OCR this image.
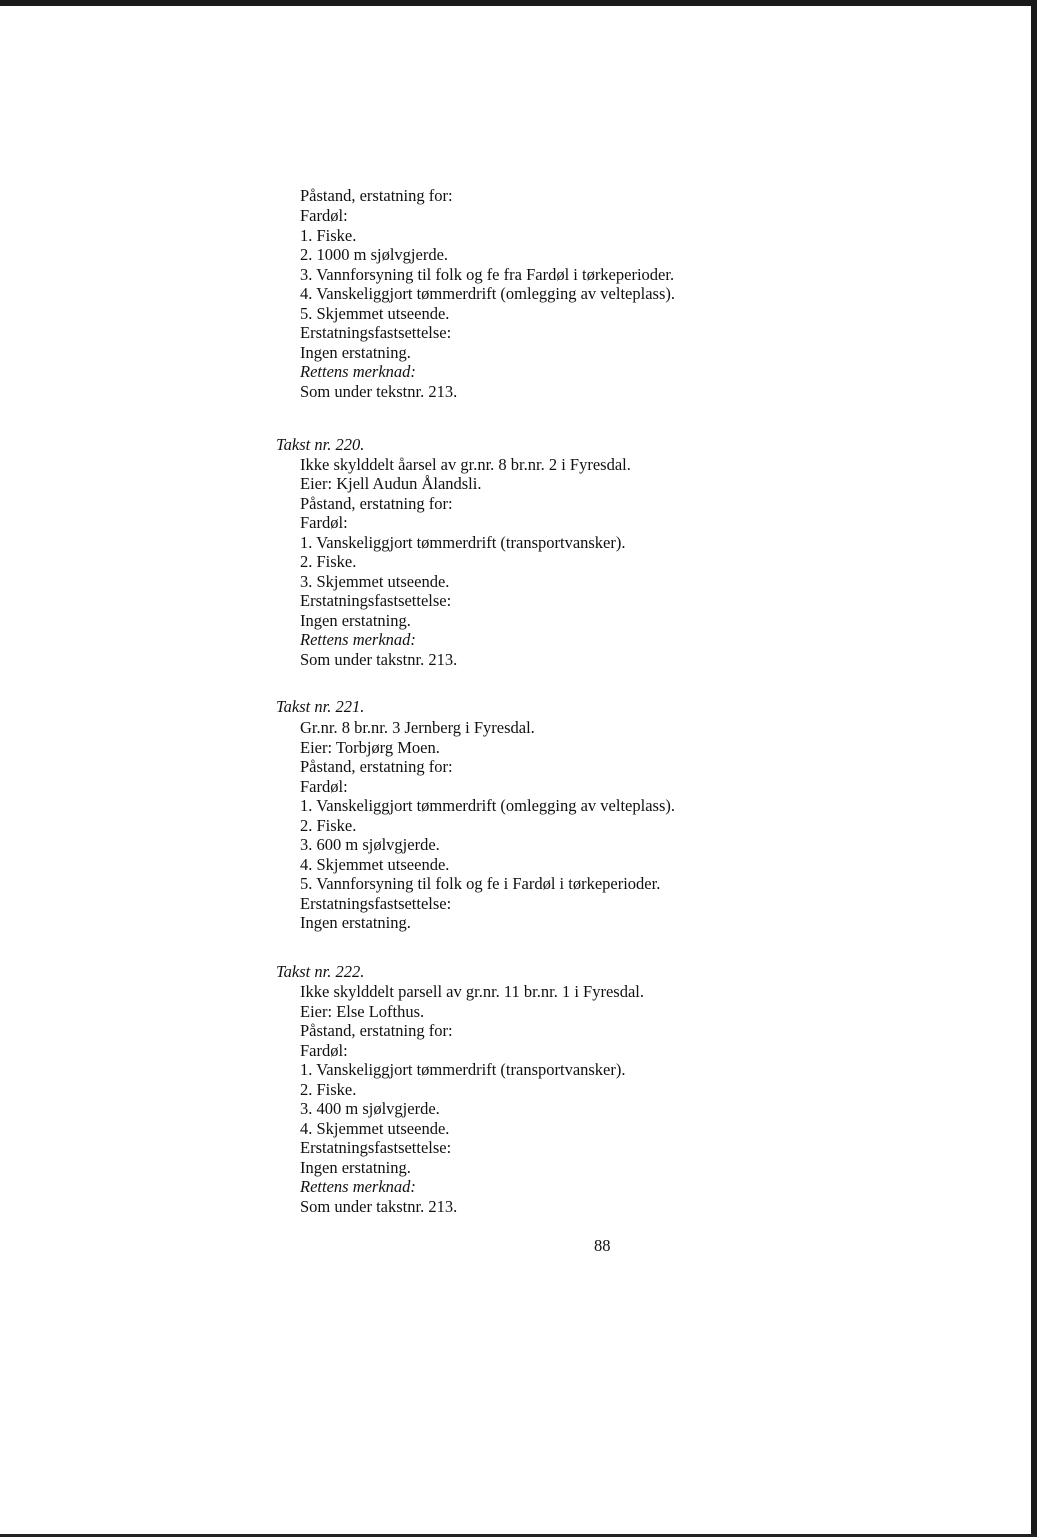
Påstand, erstatning for:
Fardøl:
1. Fiske.
2. 1000 m sjølvgjerde.
3. Vannforsyning til folk og fe fra Fardøl i tørkeperioder.
4. Vanskeliggjort tømmerdrift (omlegging av velteplass).
5. Skjemmet utseende.
Erstatningsfastsettelse:
Ingen erstatning.
Rettens merknad:
Som under tekstnr. 213.
Takst nr. 220.
Ikke skylddelt åarsel av gr.nr. 8 br.nr. 2 i Fyresdal.
Eier: Kjell Audun Ålandsli.
Påstand, erstatning for:
Fardøl:
1. Vanskeliggjort tømmerdrift (transportvansker).
2. Fiske.
3. Skjemmet utseende.
Erstatningsfastsettelse:
Ingen erstatning.
Rettens merknad:
Som under takstnr. 213.
Takst nr. 221.
Gr.nr. 8 br.nr. 3 Jernberg i Fyresdal.
Eier: Torbjørg Moen.
Påstand, erstatning for:
Fardøl:
1. Vanskeliggjort tømmerdrift (omlegging av velteplass).
2. Fiske.
3. 600 m sjølvgjerde.
4. Skjemmet utseende.
5. Vannforsyning til folk og fe i Fardøl i tørkeperioder.
Erstatningsfastsettelse:
Ingen erstatning.
Takst nr. 222.
Ikke skylddelt parsell av gr.nr. 11 br.nr. 1 i Fyresdal.
Eier: Else Lofthus.
Påstand, erstatning for:
Fardøl:
1. Vanskeliggjort tømmerdrift (transportvansker).
2. Fiske.
3. 400 m sjølvgjerde.
4. Skjemmet utseende.
Erstatningsfastsettelse:
Ingen erstatning.
Rettens merknad:
Som under takstnr. 213.
88
